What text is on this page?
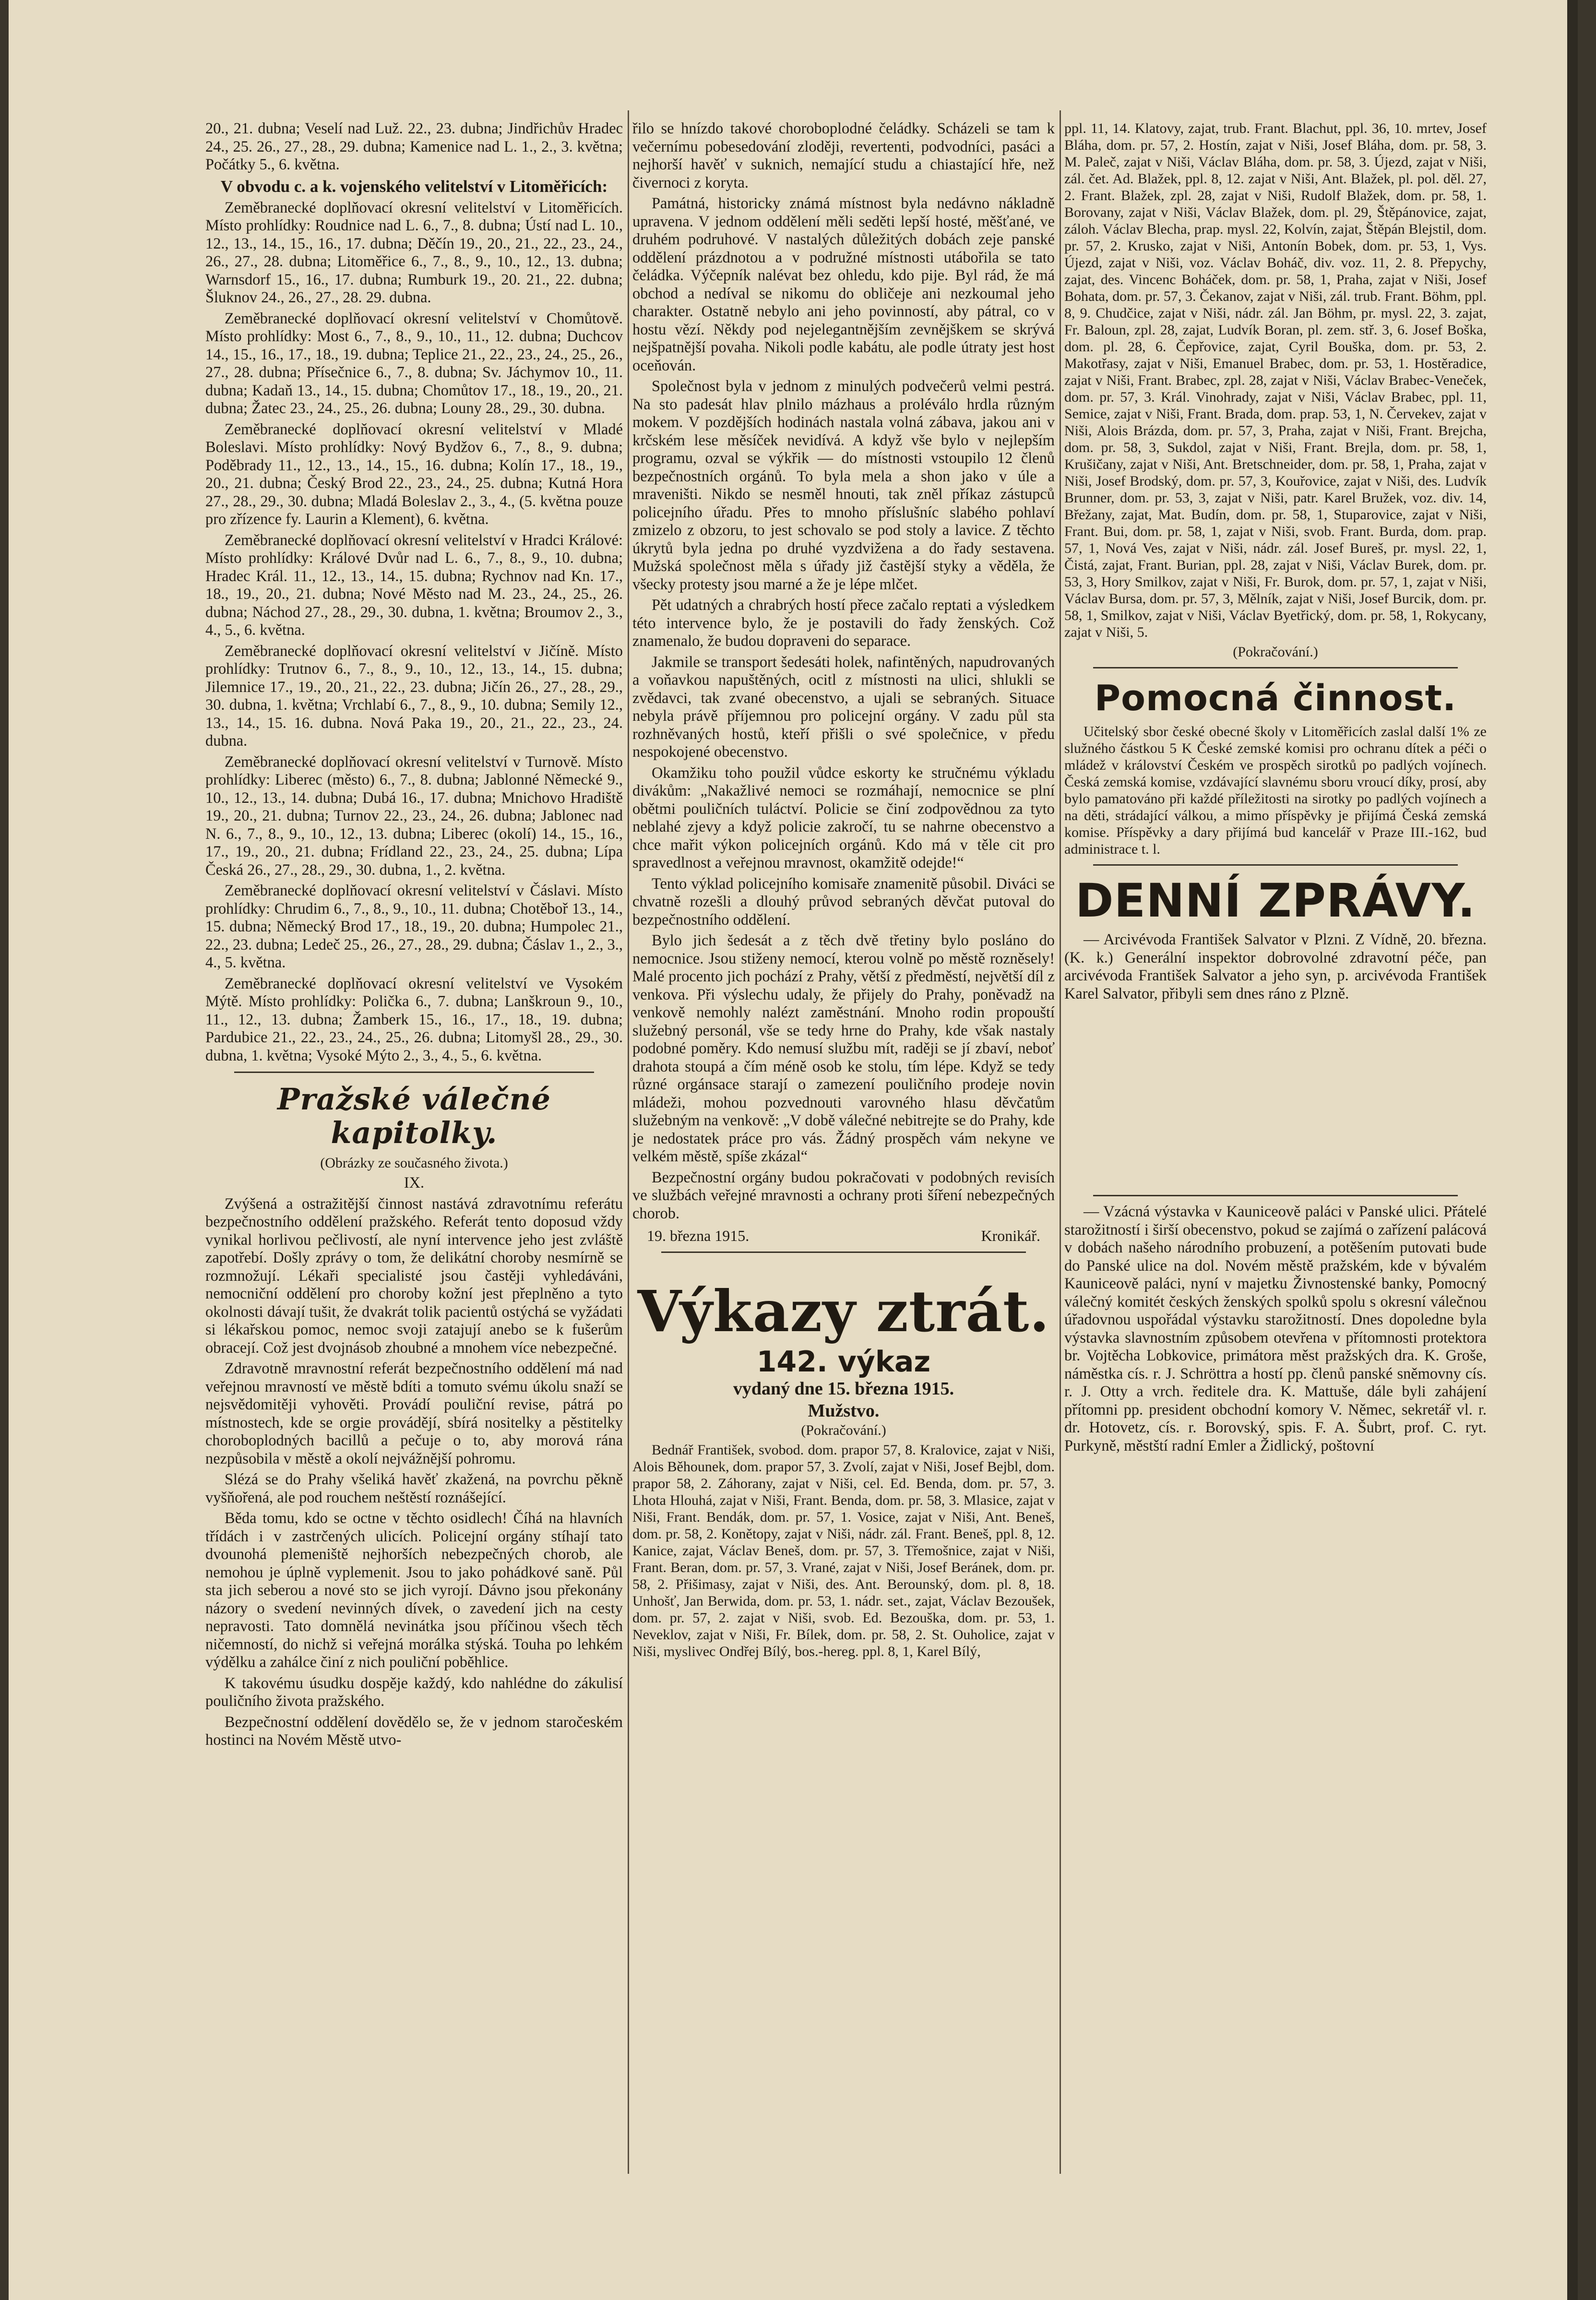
20., 21. dubna; Veselí nad Luž. 22., 23. dubna; Jindřichův Hradec 24., 25. 26., 27., 28., 29. dubna; Kamenice nad L. 1., 2., 3. května; Počátky 5., 6. května.

V obvodu c. a k. vojenského velitelství v Litoměřicích:

Zeměbranecké doplňovací okresní velitelství v Litoměřicích. Místo prohlídky: Roudnice nad L. 6., 7., 8. dubna; Ústí nad L. 10., 12., 13., 14., 15., 16., 17. dubna; Děčín 19., 20., 21., 22., 23., 24., 26., 27., 28. dubna; Litoměřice 6., 7., 8., 9., 10., 12., 13. dubna; Warnsdorf 15., 16., 17. dubna; Rumburk 19., 20. 21., 22. dubna; Šluknov 24., 26., 27., 28. 29. dubna.

Zeměbranecké doplňovací okresní velitelství v Chomůtově. Místo prohlídky: Most 6., 7., 8., 9., 10., 11., 12. dubna; Duchcov 14., 15., 16., 17., 18., 19. dubna; Teplice 21., 22., 23., 24., 25., 26., 27., 28. dubna; Přísečnice 6., 7., 8. dubna; Sv. Jáchymov 10., 11. dubna; Kadaň 13., 14., 15. dubna; Chomůtov 17., 18., 19., 20., 21. dubna; Žatec 23., 24., 25., 26. dubna; Louny 28., 29., 30. dubna.

Zeměbranecké doplňovací okresní velitelství v Mladé Boleslavi. Místo prohlídky: Nový Bydžov 6., 7., 8., 9. dubna; Poděbrady 11., 12., 13., 14., 15., 16. dubna; Kolín 17., 18., 19., 20., 21. dubna; Český Brod 22., 23., 24., 25. dubna; Kutná Hora 27., 28., 29., 30. dubna; Mladá Boleslav 2., 3., 4., (5. května pouze pro zřízence fy. Laurin a Klement), 6. května.

Zeměbranecké doplňovací okresní velitelství v Hradci Králové: Místo prohlídky: Králové Dvůr nad L. 6., 7., 8., 9., 10. dubna; Hradec Král. 11., 12., 13., 14., 15. dubna; Rychnov nad Kn. 17., 18., 19., 20., 21. dubna; Nové Město nad M. 23., 24., 25., 26. dubna; Náchod 27., 28., 29., 30. dubna, 1. května; Broumov 2., 3., 4., 5., 6. května.

Zeměbranecké doplňovací okresní velitelství v Jičíně. Místo prohlídky: Trutnov 6., 7., 8., 9., 10., 12., 13., 14., 15. dubna; Jilemnice 17., 19., 20., 21., 22., 23. dubna; Jičín 26., 27., 28., 29., 30. dubna, 1. května; Vrchlabí 6., 7., 8., 9., 10. dubna; Semily 12., 13., 14., 15. 16. dubna. Nová Paka 19., 20., 21., 22., 23., 24. dubna.

Zeměbranecké doplňovací okresní velitelství v Turnově. Místo prohlídky: Liberec (město) 6., 7., 8. dubna; Jablonné Německé 9., 10., 12., 13., 14. dubna; Dubá 16., 17. dubna; Mnichovo Hradiště 19., 20., 21. dubna; Turnov 22., 23., 24., 26. dubna; Jablonec nad N. 6., 7., 8., 9., 10., 12., 13. dubna; Liberec (okolí) 14., 15., 16., 17., 19., 20., 21. dubna; Frídland 22., 23., 24., 25. dubna; Lípa Česká 26., 27., 28., 29., 30. dubna, 1., 2. května.

Zeměbranecké doplňovací okresní velitelství v Čáslavi. Místo prohlídky: Chrudim 6., 7., 8., 9., 10., 11. dubna; Chotěboř 13., 14., 15. dubna; Německý Brod 17., 18., 19., 20. dubna; Humpolec 21., 22., 23. dubna; Ledeč 25., 26., 27., 28., 29. dubna; Čáslav 1., 2., 3., 4., 5. května.

Zeměbranecké doplňovací okresní velitelství ve Vysokém Mýtě. Místo prohlídky: Polička 6., 7. dubna; Lanškroun 9., 10., 11., 12., 13. dubna; Žamberk 15., 16., 17., 18., 19. dubna; Pardubice 21., 22., 23., 24., 25., 26. dubna; Litomyšl 28., 29., 30. dubna, 1. května; Vysoké Mýto 2., 3., 4., 5., 6. května.

Pražské válečné kapitolky.

(Obrázky ze současného života.)

IX.

Zvýšená a ostražitější činnost nastává zdravotnímu referátu bezpečnostního oddělení pražského. Referát tento doposud vždy vynikal horlivou pečlivostí, ale nyní intervence jeho jest zvláště zapotřebí. Došly zprávy o tom, že delikátní choroby nesmírně se rozmnožují. Lékaři specialisté jsou častěji vyhledáváni, nemocniční oddělení pro choroby kožní jest přeplněno a tyto okolnosti dávají tušit, že dvakrát tolik pacientů ostýchá se vyžádati si lékařskou pomoc, nemoc svoji zatajují anebo se k fušerům obracejí. Což jest dvojnásob zhoubné a mnohem více nebezpečné.

Zdravotně mravnostní referát bezpečnostního oddělení má nad veřejnou mravností ve městě bdíti a tomuto svému úkolu snaží se nejsvědomitěji vyhověti. Provádí pouliční revise, pátrá po místnostech, kde se orgie provádějí, sbírá nositelky a pěstitelky choroboplodných bacillů a pečuje o to, aby morová rána nezpůsobila v městě a okolí nejvážnější pohromu.

Slézá se do Prahy všeliká havěť zkažená, na povrchu pěkně vyšňořená, ale pod rouchem neštěstí roznášející.

Běda tomu, kdo se octne v těchto osidlech! Číhá na hlavních třídách i v zastrčených ulicích. Policejní orgány stíhají tato dvounohá plemeniště nejhorších nebezpečných chorob, ale nemohou je úplně vyplemenit. Jsou to jako pohádkové saně. Půl sta jich seberou a nové sto se jich vyrojí. Dávno jsou překonány názory o svedení nevinných dívek, o zavedení jich na cesty nepravosti. Tato domnělá nevinátka jsou příčinou všech těch ničemností, do nichž si veřejná morálka stýská. Touha po lehkém výdělku a zahálce činí z nich pouliční poběhlice.

K takovému úsudku dospěje každý, kdo nahlédne do zákulisí pouličního života pražského.

Bezpečnostní oddělení dovědělo se, že v jednom staročeském hostinci na Novém Městě utvo-

řilo se hnízdo takové choroboplodné čeládky. Scházeli se tam k večernímu pobesedování zloději, revertenti, podvodníci, pasáci a nejhorší havěť v suknich, nemající studu a chiastající hře, než čivernoci z koryta.

Památná, historicky známá místnost byla nedávno nákladně upravena. V jednom oddělení měli seděti lepší hosté, měšťané, ve druhém podruhové. V nastalých důležitých dobách zeje panské oddělení prázdnotou a v podružné místnosti utábořila se tato čeládka. Výčepník nalévat bez ohledu, kdo pije. Byl rád, že má obchod a nedíval se nikomu do obličeje ani nezkoumal jeho charakter. Ostatně nebylo ani jeho povinností, aby pátral, co v hostu vězí. Někdy pod nejelegantnějším zevnějškem se skrývá nejšpatnější povaha. Nikoli podle kabátu, ale podle útraty jest host oceňován.

Společnost byla v jednom z minulých podvečerů velmi pestrá. Na sto padesát hlav plnilo mázhaus a proléválo hrdla různým mokem. V pozdějších hodinách nastala volná zábava, jakou ani v krčském lese měsíček nevidívá. A když vše bylo v nejlepším programu, ozval se výkřik — do místnosti vstoupilo 12 členů bezpečnostních orgánů. To byla mela a shon jako v úle a mraveništi. Nikdo se nesměl hnouti, tak zněl příkaz zástupců policejního úřadu. Přes to mnoho příslušníc slabého pohlaví zmizelo z obzoru, to jest schovalo se pod stoly a lavice. Z těchto úkrytů byla jedna po druhé vyzdvižena a do řady sestavena. Mužská společnost měla s úřady již častější styky a věděla, že všecky protesty jsou marné a že je lépe mlčet.

Pět udatných a chrabrých hostí přece začalo reptati a výsledkem této intervence bylo, že je postavili do řady ženských. Což znamenalo, že budou dopraveni do separace.

Jakmile se transport šedesáti holek, nafintěných, napudrovaných a voňavkou napuštěných, ocitl z místnosti na ulici, shlukli se zvědavci, tak zvané obecenstvo, a ujali se sebraných. Situace nebyla právě příjemnou pro policejní orgány. V zadu půl sta rozhněvaných hostů, kteří přišli o své společnice, v předu nespokojené obecenstvo.

Okamžiku toho použil vůdce eskorty ke stručnému výkladu divákům: „Nakažlivé nemoci se rozmáhají, nemocnice se plní obětmi pouličních tuláctví. Policie se činí zodpovědnou za tyto neblahé zjevy a když policie zakročí, tu se nahrne obecenstvo a chce mařit výkon policejních orgánů. Kdo má v těle cit pro spravedlnost a veřejnou mravnost, okamžitě odejde!“

Tento výklad policejního komisaře znamenitě působil. Diváci se chvatně rozešli a dlouhý průvod sebraných děvčat putoval do bezpečnostního oddělení.

Bylo jich šedesát a z těch dvě třetiny bylo posláno do nemocnice. Jsou stiženy nemocí, kterou volně po městě rozněsely! Malé procento jich pochází z Prahy, větší z předměstí, největší díl z venkova. Při výslechu udaly, že přijely do Prahy, poněvadž na venkově nemohly nalézt zaměstnání. Mnoho rodin propouští služebný personál, vše se tedy hrne do Prahy, kde však nastaly podobné poměry. Kdo nemusí službu mít, raději se jí zbaví, neboť drahota stoupá a čím méně osob ke stolu, tím lépe. Když se tedy různé orgánsace starají o zamezení pouličního prodeje novin mládeži, mohou pozvednouti varovného hlasu děvčatům služebným na venkově: „V době válečné nebitrejte se do Prahy, kde je nedostatek práce pro vás. Žádný prospěch vám nekyne ve velkém městě, spíše zkázal“

Bezpečnostní orgány budou pokračovati v podobných revisích ve službách veřejné mravnosti a ochrany proti šíření nebezpečných chorob.

19. března 1915.	Kronikář.
Výkazy ztrát.
142. výkaz
vydaný dne 15. března 1915.
Mužstvo.

(Pokračování.)

Bednář František, svobod. dom. prapor 57, 8. Kralovice, zajat v Niši, Alois Běhounek, dom. prapor 57, 3. Zvolí, zajat v Niši, Josef Bejbl, dom. prapor 58, 2. Záhorany, zajat v Niši, cel. Ed. Benda, dom. pr. 57, 3. Lhota Hlouhá, zajat v Niši, Frant. Benda, dom. pr. 58, 3. Mlasice, zajat v Niši, Frant. Bendák, dom. pr. 57, 1. Vosice, zajat v Niši, Ant. Beneš, dom. pr. 58, 2. Konětopy, zajat v Niši, nádr. zál. Frant. Beneš, ppl. 8, 12. Kanice, zajat, Václav Beneš, dom. pr. 57, 3. Třemošnice, zajat v Niši, Frant. Beran, dom. pr. 57, 3. Vrané, zajat v Niši, Josef Beránek, dom. pr. 58, 2. Přišimasy, zajat v Niši, des. Ant. Berounský, dom. pl. 8, 18. Unhošť, Jan Berwida, dom. pr. 53, 1. nádr. set., zajat, Václav Bezoušek, dom. pr. 57, 2. zajat v Niši, svob. Ed. Bezouška, dom. pr. 53, 1. Neveklov, zajat v Niši, Fr. Bílek, dom. pr. 58, 2. St. Ouholice, zajat v Niši, myslivec Ondřej Bílý, bos.-hereg. ppl. 8, 1, Karel Bílý,

ppl. 11, 14. Klatovy, zajat, trub. Frant. Blachut, ppl. 36, 10. mrtev, Josef Bláha, dom. pr. 57, 2. Hostín, zajat v Niši, Josef Bláha, dom. pr. 58, 3. M. Paleč, zajat v Niši, Václav Bláha, dom. pr. 58, 3. Újezd, zajat v Niši, zál. čet. Ad. Blažek, ppl. 8, 12. zajat v Niši, Ant. Blažek, pl. pol. děl. 27, 2. Frant. Blažek, zpl. 28, zajat v Niši, Rudolf Blažek, dom. pr. 58, 1. Borovany, zajat v Niši, Václav Blažek, dom. pl. 29, Štěpánovice, zajat, záloh. Václav Blecha, prap. mysl. 22, Kolvín, zajat, Štěpán Blejstil, dom. pr. 57, 2. Krusko, zajat v Niši, Antonín Bobek, dom. pr. 53, 1, Vys. Újezd, zajat v Niši, voz. Václav Boháč, div. voz. 11, 2. 8. Přepychy, zajat, des. Vincenc Boháček, dom. pr. 58, 1, Praha, zajat v Niši, Josef Bohata, dom. pr. 57, 3. Čekanov, zajat v Niši, zál. trub. Frant. Böhm, ppl. 8, 9. Chudčice, zajat v Niši, nádr. zál. Jan Böhm, pr. mysl. 22, 3. zajat, Fr. Baloun, zpl. 28, zajat, Ludvík Boran, pl. zem. stř. 3, 6. Josef Boška, dom. pl. 28, 6. Čepřovice, zajat, Cyril Bouška, dom. pr. 53, 2. Makotřasy, zajat v Niši, Emanuel Brabec, dom. pr. 53, 1. Hostěradice, zajat v Niši, Frant. Brabec, zpl. 28, zajat v Niši, Václav Brabec-Veneček, dom. pr. 57, 3. Král. Vinohrady, zajat v Niši, Václav Brabec, ppl. 11, Semice, zajat v Niši, Frant. Brada, dom. prap. 53, 1, N. Červekev, zajat v Niši, Alois Brázda, dom. pr. 57, 3, Praha, zajat v Niši, Frant. Brejcha, dom. pr. 58, 3, Sukdol, zajat v Niši, Frant. Brejla, dom. pr. 58, 1, Krušičany, zajat v Niši, Ant. Bretschneider, dom. pr. 58, 1, Praha, zajat v Niši, Josef Brodský, dom. pr. 57, 3, Kouřovice, zajat v Niši, des. Ludvík Brunner, dom. pr. 53, 3, zajat v Niši, patr. Karel Bružek, voz. div. 14, Břežany, zajat, Mat. Budín, dom. pr. 58, 1, Stuparovice, zajat v Niši, Frant. Bui, dom. pr. 58, 1, zajat v Niši, svob. Frant. Burda, dom. prap. 57, 1, Nová Ves, zajat v Niši, nádr. zál. Josef Bureš, pr. mysl. 22, 1, Čistá, zajat, Frant. Burian, ppl. 28, zajat v Niši, Václav Burek, dom. pr. 53, 3, Hory Smilkov, zajat v Niši, Fr. Burok, dom. pr. 57, 1, zajat v Niši, Václav Bursa, dom. pr. 57, 3, Mělník, zajat v Niši, Josef Burcik, dom. pr. 58, 1, Smilkov, zajat v Niši, Václav Byetřický, dom. pr. 58, 1, Rokycany, zajat v Niši, 5.

(Pokračování.)

Pomocná činnost.

Učitelský sbor české obecné školy v Litoměřicích zaslal další 1% ze služného částkou 5 K České zemské komisi pro ochranu dítek a péči o mládež v království Českém ve prospěch sirotků po padlých vojínech. Česká zemská komise, vzdávající slavnému sboru vroucí díky, prosí, aby bylo pamatováno při každé příležitosti na sirotky po padlých vojínech a na děti, strádající válkou, a mimo příspěvky je přijímá Česká zemská komise. Příspěvky a dary přijímá bud kancelář v Praze III.-162, bud administrace t. l.

DENNÍ ZPRÁVY.

— Arcivévoda František Salvator v Plzni. Z Vídně, 20. března. (K. k.) Generální inspektor dobrovolné zdravotní péče, pan arcivévoda František Salvator a jeho syn, p. arcivévoda František Karel Salvator, přibyli sem dnes ráno z Plzně.

— Vzácná výstavka v Kauniceově paláci v Panské ulici. Přátelé starožitností i širší obecenstvo, pokud se zajímá o zařízení palácová v dobách našeho národního probuzení, a potěšením putovati bude do Panské ulice na dol. Novém městě pražském, kde v bývalém Kauniceově paláci, nyní v majetku Živnostenské banky, Pomocný válečný komitét českých ženských spolků spolu s okresní válečnou úřadovnou uspořádal výstavku starožitností. Dnes dopoledne byla výstavka slavnostním způsobem otevřena v přítomnosti protektora br. Vojtěcha Lobkovice, primátora měst pražských dra. K. Groše, náměstka cís. r. J. Schröttra a hostí pp. členů panské sněmovny cís. r. J. Otty a vrch. ředitele dra. K. Mattuše, dále byli zahájení přítomni pp. president obchodní komory V. Němec, sekretář vl. r. dr. Hotovetz, cís. r. Borovský, spis. F. A. Šubrt, prof. C. ryt. Purkyně, městští radní Emler a Židlický, poštovní
